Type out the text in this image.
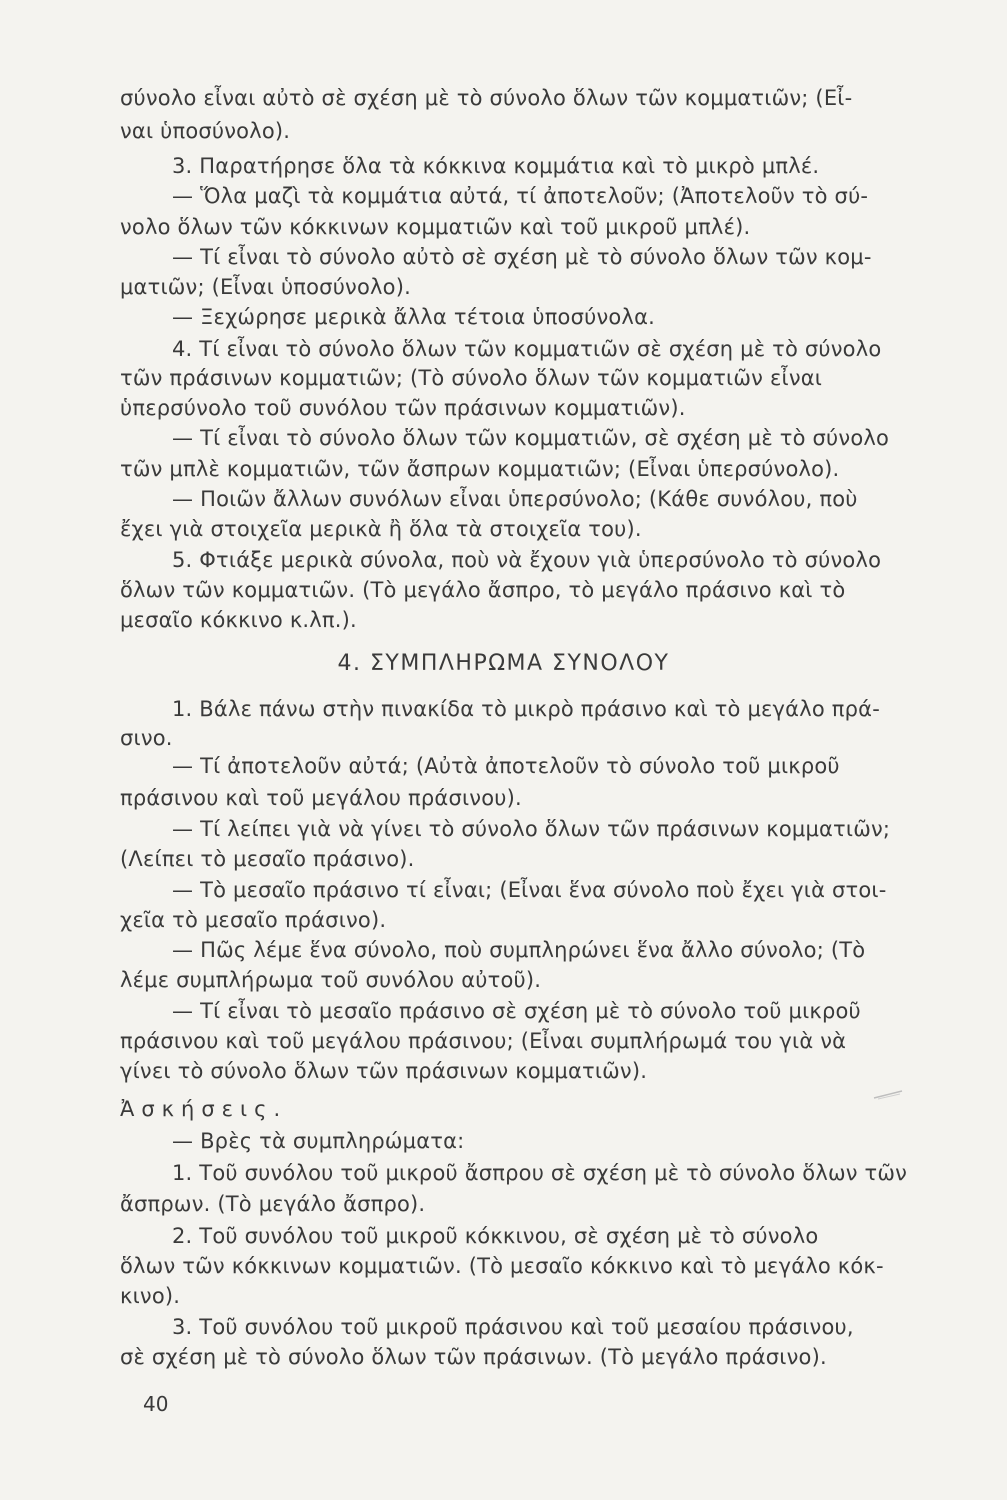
σύνολο εἶναι αὐτὸ σὲ σχέση μὲ τὸ σύνολο ὅλων τῶν κομματιῶν; (Εἶ-
ναι ὑποσύνολο).
3. Παρατήρησε ὅλα τὰ κόκκινα κομμάτια καὶ τὸ μικρὸ μπλέ.
— Ὅλα μαζὶ τὰ κομμάτια αὐτά, τί ἀποτελοῦν; (Ἀποτελοῦν τὸ σύ-
νολο ὅλων τῶν κόκκινων κομματιῶν καὶ τοῦ μικροῦ μπλέ).
— Τί εἶναι τὸ σύνολο αὐτὸ σὲ σχέση μὲ τὸ σύνολο ὅλων τῶν κομ-
ματιῶν; (Εἶναι ὑποσύνολο).
— Ξεχώρησε μερικὰ ἄλλα τέτοια ὑποσύνολα.
4. Τί εἶναι τὸ σύνολο ὅλων τῶν κομματιῶν σὲ σχέση μὲ τὸ σύνολο
τῶν πράσινων κομματιῶν; (Τὸ σύνολο ὅλων τῶν κομματιῶν εἶναι
ὑπερσύνολο τοῦ συνόλου τῶν πράσινων κομματιῶν).
— Τί εἶναι τὸ σύνολο ὅλων τῶν κομματιῶν, σὲ σχέση μὲ τὸ σύνολο
τῶν μπλὲ κομματιῶν, τῶν ἄσπρων κομματιῶν; (Εἶναι ὑπερσύνολο).
— Ποιῶν ἄλλων συνόλων εἶναι ὑπερσύνολο; (Κάθε συνόλου, ποὺ
ἔχει γιὰ στοιχεῖα μερικὰ ἢ ὅλα τὰ στοιχεῖα του).
5. Φτιάξε μερικὰ σύνολα, ποὺ νὰ ἔχουν γιὰ ὑπερσύνολο τὸ σύνολο
ὅλων τῶν κομματιῶν. (Τὸ μεγάλο ἄσπρο, τὸ μεγάλο πράσινο καὶ τὸ
μεσαῖο κόκκινο κ.λπ.).
4. ΣΥΜΠΛΗΡΩΜΑ ΣΥΝΟΛΟΥ
1. Βάλε πάνω στὴν πινακίδα τὸ μικρὸ πράσινο καὶ τὸ μεγάλο πρά-
σινο.
— Τί ἀποτελοῦν αὐτά; (Αὐτὰ ἀποτελοῦν τὸ σύνολο τοῦ μικροῦ
πράσινου καὶ τοῦ μεγάλου πράσινου).
— Τί λείπει γιὰ νὰ γίνει τὸ σύνολο ὅλων τῶν πράσινων κομματιῶν;
(Λείπει τὸ μεσαῖο πράσινο).
— Τὸ μεσαῖο πράσινο τί εἶναι; (Εἶναι ἕνα σύνολο ποὺ ἔχει γιὰ στοι-
χεῖα τὸ μεσαῖο πράσινο).
— Πῶς λέμε ἕνα σύνολο, ποὺ συμπληρώνει ἕνα ἄλλο σύνολο; (Τὸ
λέμε συμπλήρωμα τοῦ συνόλου αὐτοῦ).
— Τί εἶναι τὸ μεσαῖο πράσινο σὲ σχέση μὲ τὸ σύνολο τοῦ μικροῦ
πράσινου καὶ τοῦ μεγάλου πράσινου; (Εἶναι συμπλήρωμά του γιὰ νὰ
γίνει τὸ σύνολο ὅλων τῶν πράσινων κομματιῶν).
Ἀσκήσεις.
— Βρὲς τὰ συμπληρώματα:
1. Τοῦ συνόλου τοῦ μικροῦ ἄσπρου σὲ σχέση μὲ τὸ σύνολο ὅλων τῶν
ἄσπρων. (Τὸ μεγάλο ἄσπρο).
2. Τοῦ συνόλου τοῦ μικροῦ κόκκινου, σὲ σχέση μὲ τὸ σύνολο
ὅλων τῶν κόκκινων κομματιῶν. (Τὸ μεσαῖο κόκκινο καὶ τὸ μεγάλο κόκ-
κινο).
3. Τοῦ συνόλου τοῦ μικροῦ πράσινου καὶ τοῦ μεσαίου πράσινου,
σὲ σχέση μὲ τὸ σύνολο ὅλων τῶν πράσινων. (Τὸ μεγάλο πράσινο).
40
